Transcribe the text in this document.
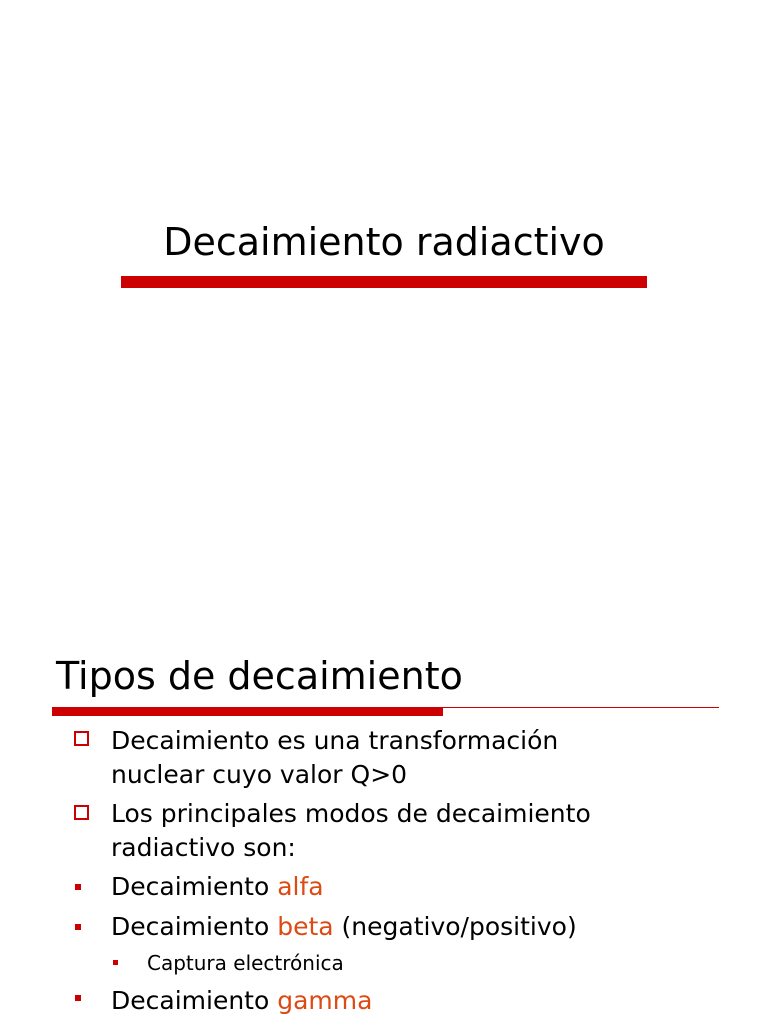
Decaimiento radiactivo
Tipos de decaimiento
Decaimiento es una transformación
nuclear cuyo valor Q>0
Los principales modos de decaimiento
radiactivo son:
Decaimiento alfa
Decaimiento beta (negativo/positivo)
Captura electrónica
Decaimiento gamma
